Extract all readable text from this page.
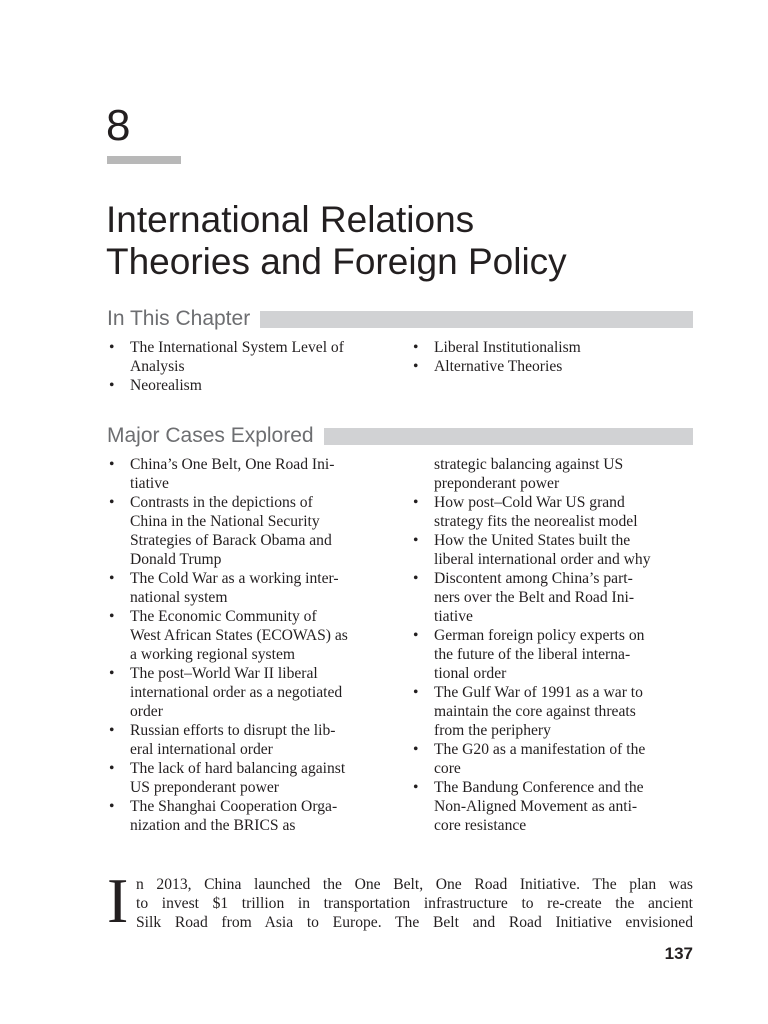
8
International Relations
Theories and Foreign Policy
In This Chapter
• The International System Level of
Analysis
• Neorealism
• Liberal Institutionalism
• Alternative Theories
Major Cases Explored
• China’s One Belt, One Road Ini-
tiative
• Contrasts in the depictions of
China in the National Security
Strategies of Barack Obama and
Donald Trump
• The Cold War as a working inter-
national system
• The Economic Community of
West African States (ECOWAS) as
a working regional system
• The post–World War II liberal
international order as a negotiated
order
• Russian efforts to disrupt the lib-
eral international order
• The lack of hard balancing against
US preponderant power
• The Shanghai Cooperation Orga-
nization and the BRICS as
strategic balancing against US
preponderant power
• How post–Cold War US grand
strategy fits the neorealist model
• How the United States built the
liberal international order and why
• Discontent among China’s part-
ners over the Belt and Road Ini-
tiative
• German foreign policy experts on
the future of the liberal interna-
tional order
• The Gulf War of 1991 as a war to
maintain the core against threats
from the periphery
• The G20 as a manifestation of the
core
• The Bandung Conference and the
Non-Aligned Movement as anti-
core resistance
I n 2013, China launched the One Belt, One Road Initiative. The plan was
to invest $1 trillion in transportation infrastructure to re-create the ancient
Silk Road from Asia to Europe. The Belt and Road Initiative envisioned
137
